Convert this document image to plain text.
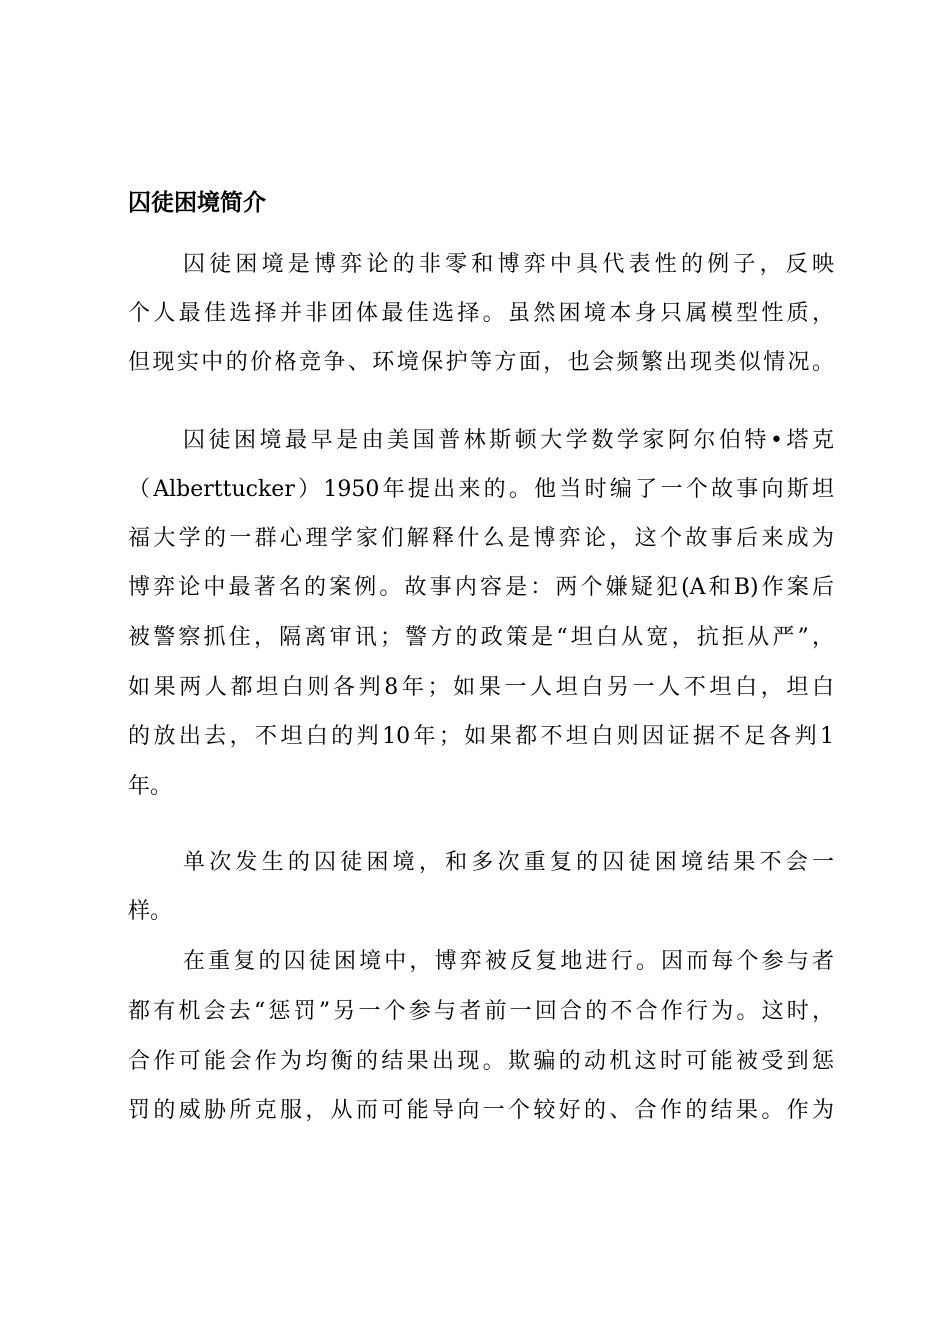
囚徒困境简介
囚徒困境是博弈论的非零和博弈中具代表性的例子，反映
个人最佳选择并非团体最佳选择。虽然困境本身只属模型性质，
但现实中的价格竞争、环境保护等方面，也会频繁出现类似情况。
囚徒困境最早是由美国普林斯顿大学数学家阿尔伯特•塔克
（Alberttucker）1950年提出来的。他当时编了一个故事向斯坦
福大学的一群心理学家们解释什么是博弈论，这个故事后来成为
博弈论中最著名的案例。故事内容是：两个嫌疑犯(A和B)作案后
被警察抓住，隔离审讯；警方的政策是“坦白从宽，抗拒从严”，
如果两人都坦白则各判8年；如果一人坦白另一人不坦白，坦白
的放出去，不坦白的判10年；如果都不坦白则因证据不足各判1
年。
单次发生的囚徒困境，和多次重复的囚徒困境结果不会一
样。
在重复的囚徒困境中，博弈被反复地进行。因而每个参与者
都有机会去“惩罚”另一个参与者前一回合的不合作行为。这时，
合作可能会作为均衡的结果出现。欺骗的动机这时可能被受到惩
罚的威胁所克服，从而可能导向一个较好的、合作的结果。作为
